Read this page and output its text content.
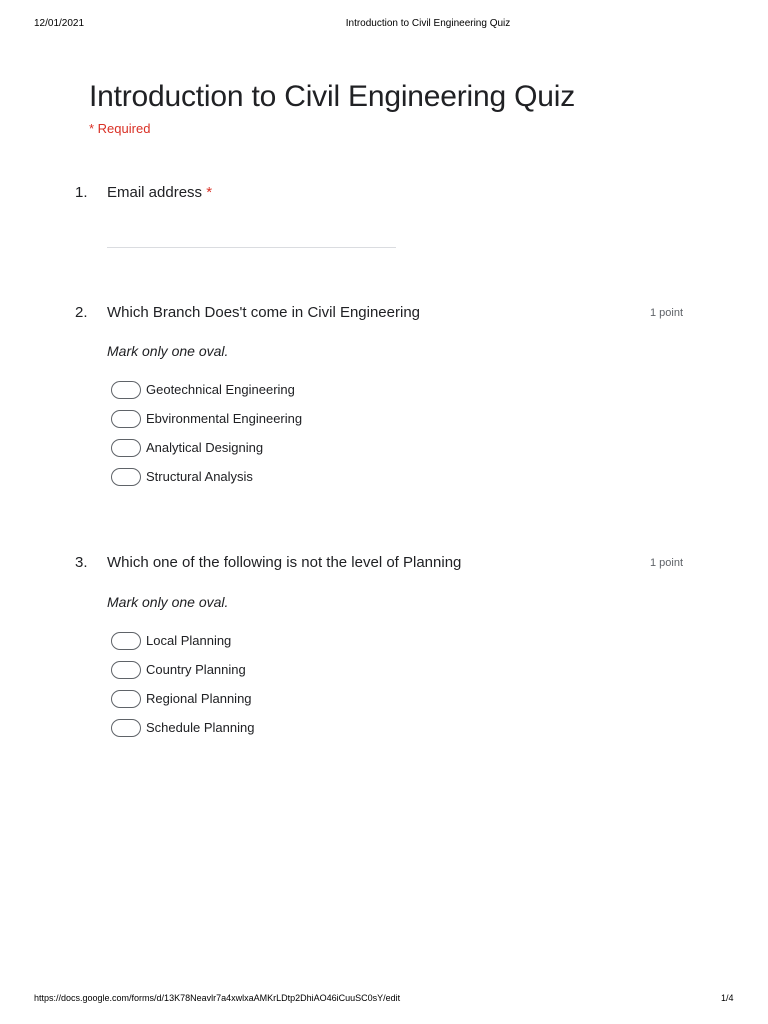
12/01/2021	Introduction to Civil Engineering Quiz
Introduction to Civil Engineering Quiz
* Required
1. Email address *
2. Which Branch Does't come in Civil Engineering	1 point
Mark only one oval.
Geotechnical Engineering
Ebvironmental Engineering
Analytical Designing
Structural Analysis
3. Which one of the following is not the level of Planning	1 point
Mark only one oval.
Local Planning
Country Planning
Regional Planning
Schedule Planning
https://docs.google.com/forms/d/13K78Neavlr7a4xwlxaAMKrLDtp2DhiAO46iCuuSC0sY/edit	1/4
